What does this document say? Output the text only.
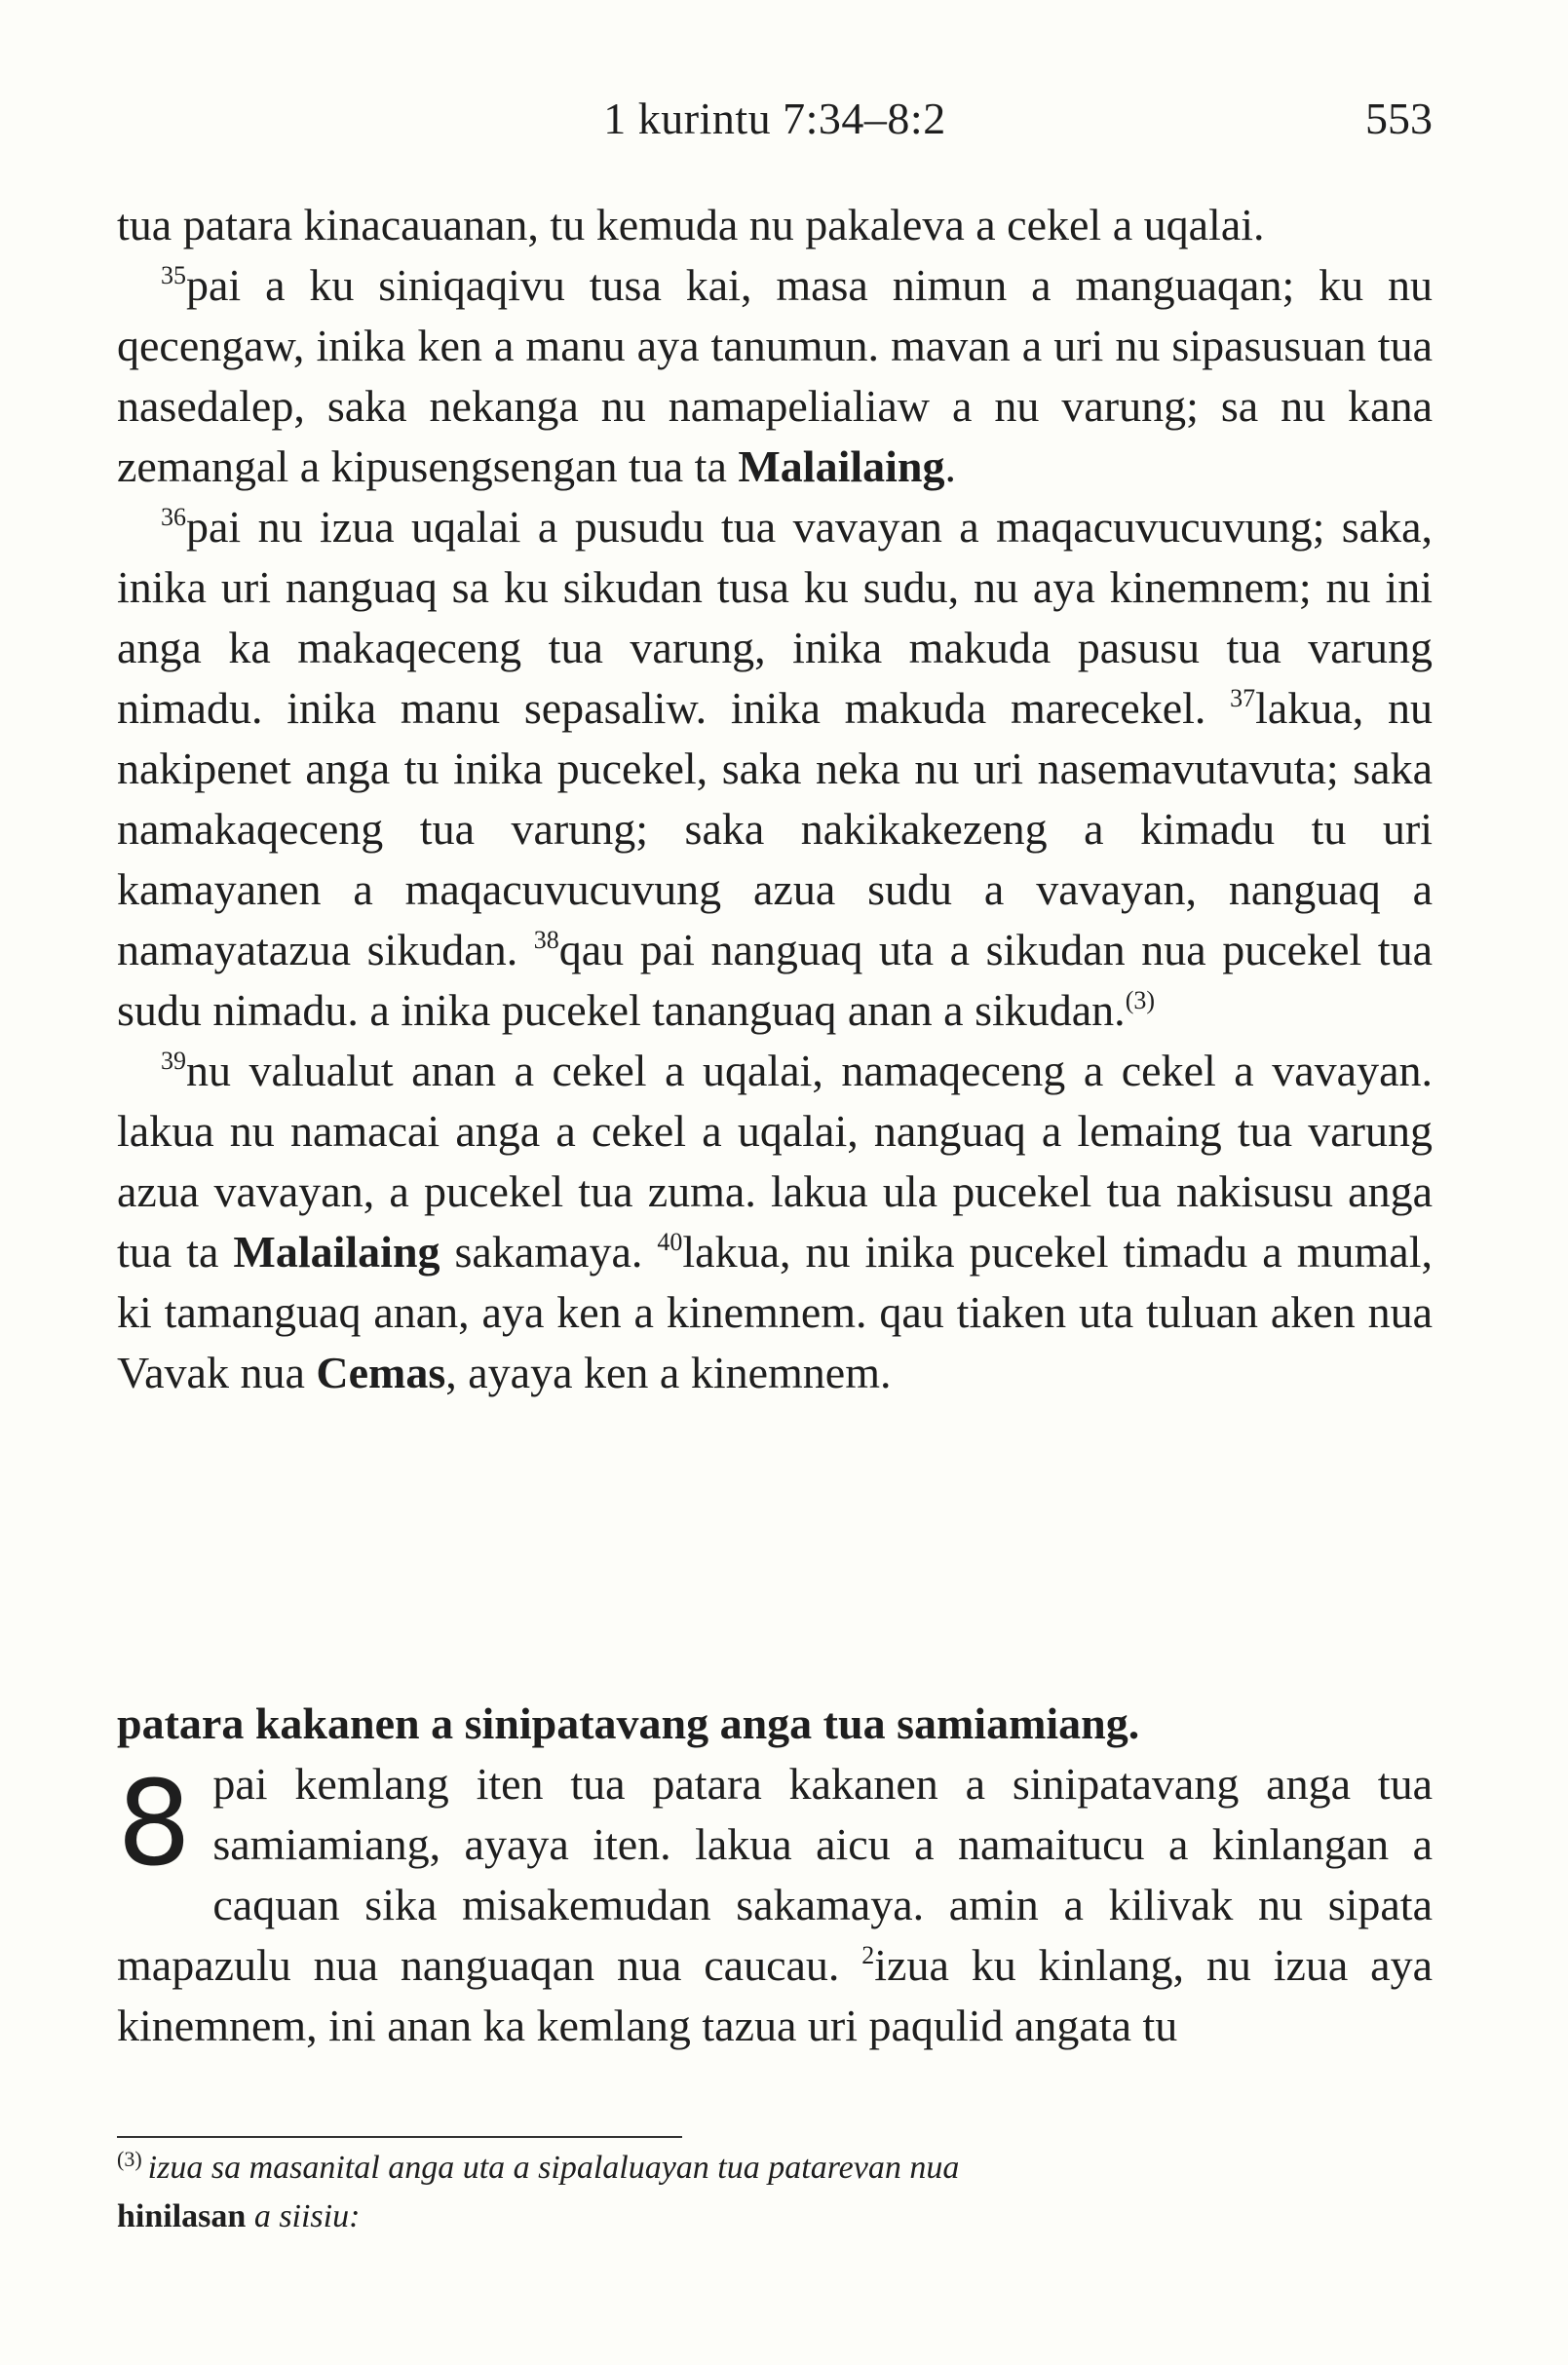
1 kurintu 7:34–8:2	553

tua patara kinacauanan, tu kemuda nu pakaleva a cekel a uqalai.

$^{35}$pai a ku siniqaqivu tusa kai, masa nimun a manguaqan; ku nu qecengaw, inika ken a manu aya tanumun. mavan a uri nu sipasusuan tua nasedalep, saka nekanga nu namapelialiaw a nu varung; sa nu kana zemangal a kipusengsengan tua ta Malailaing.

$^{36}$pai nu izua uqalai a pusudu tua vavayan a maqacuvucuvung; saka, inika uri nanguaq sa ku sikudan tusa ku sudu, nu aya kinemnem; nu ini anga ka makaqeceng tua varung, inika makuda pasusu tua varung nimadu. inika manu sepasaliw. inika makuda marecekel. $^{37}$lakua, nu nakipenet anga tu inika pucekel, saka neka nu uri nasemavutavuta; saka namakaqeceng tua varung; saka nakikakezeng a kimadu tu uri kamayanen a maqacuvucuvung azua sudu a vavayan, nanguaq a namayatazua sikudan. $^{38}$qau pai nanguaq uta a sikudan nua pucekel tua sudu nimadu. a inika pucekel tananguaq anan a sikudan.$^{(3)}$

$^{39}$nu valualut anan a cekel a uqalai, namaqeceng a cekel a vavayan. lakua nu namacai anga a cekel a uqalai, nanguaq a lemaing tua varung azua vavayan, a pucekel tua zuma. lakua ula pucekel tua nakisusu anga tua ta Malailaing sakamaya. $^{40}$lakua, nu inika pucekel timadu a mumal, ki tamanguaq anan, aya ken a kinemnem. qau tiaken uta tuluan aken nua Vavak nua Cemas, ayaya ken a kinemnem.

patara kakanen a sinipatavang anga tua samiamiang.

8 pai kemlang iten tua patara kakanen a sinipatavang anga tua samiamiang, ayaya iten. lakua aicu a namaitucu a kinlangan a caquan sika misakemudan sakamaya. amin a kilivak nu sipata mapazulu nua nanguaqan nua caucau. $^2$izua ku kinlang, nu izua aya kinemnem, ini anan ka kemlang tazua uri paqulid angata tu

$^{(3)}$ izua sa masanital anga uta a sipalaluayan tua patarevan nua
hinilasan a siisiu:
